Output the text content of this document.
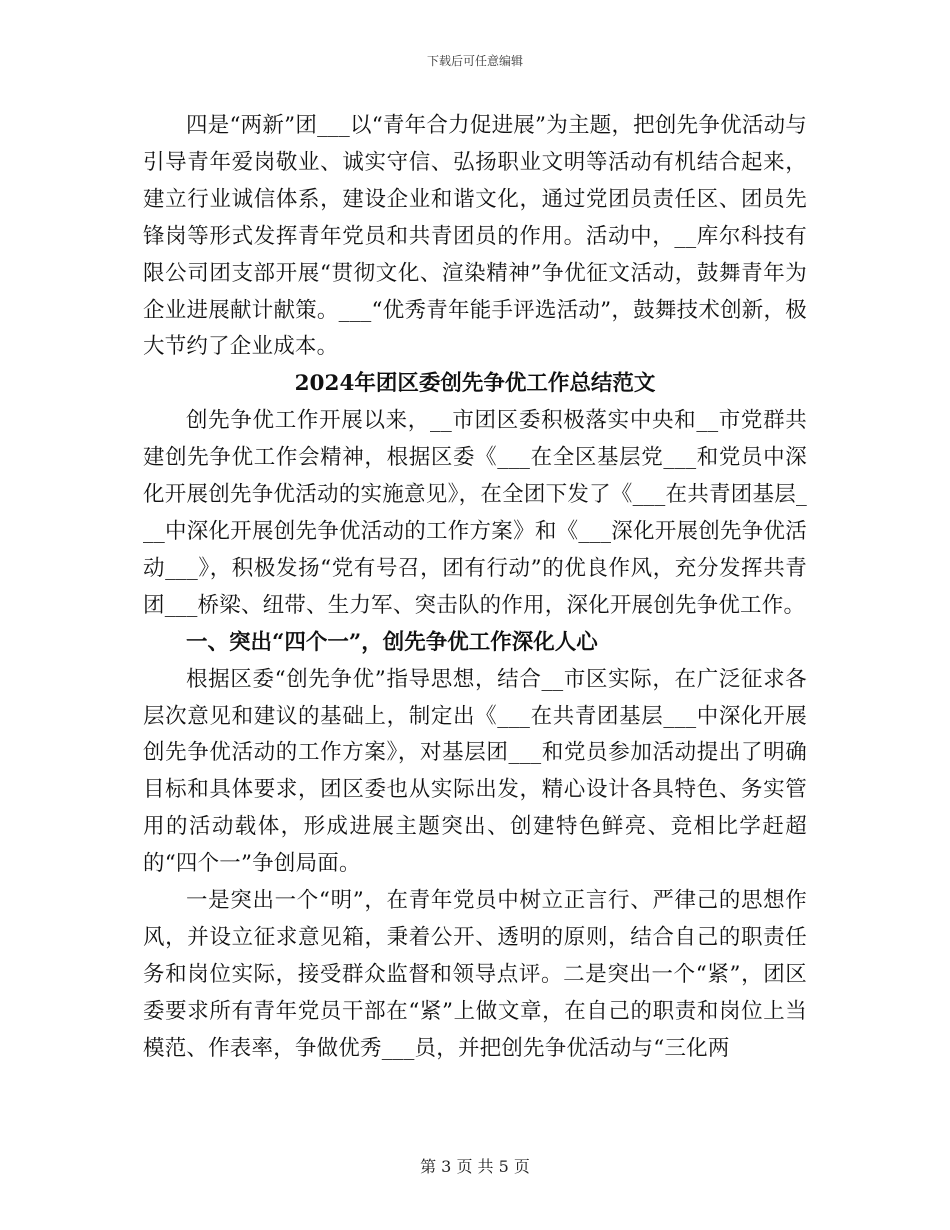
下载后可任意编辑

四是“两新”团___以“青年合力促进展”为主题，把创先争优活动与引导青年爱岗敬业、诚实守信、弘扬职业文明等活动有机结合起来，建立行业诚信体系，建设企业和谐文化，通过党团员责任区、团员先锋岗等形式发挥青年党员和共青团员的作用。活动中，__库尔科技有限公司团支部开展“贯彻文化、渲染精神”争优征文活动，鼓舞青年为企业进展献计献策。___“优秀青年能手评选活动”，鼓舞技术创新，极大节约了企业成本。

2024年团区委创先争优工作总结范文

创先争优工作开展以来，__市团区委积极落实中央和__市党群共建创先争优工作会精神，根据区委《___在全区基层党___和党员中深化开展创先争优活动的实施意见》，在全团下发了《___在共青团基层___中深化开展创先争优活动的工作方案》和《___深化开展创先争优活动___》，积极发扬“党有号召，团有行动”的优良作风，充分发挥共青团___桥梁、纽带、生力军、突击队的作用，深化开展创先争优工作。

一、突出“四个一”，创先争优工作深化人心

根据区委“创先争优”指导思想，结合__市区实际，在广泛征求各层次意见和建议的基础上，制定出《___在共青团基层___中深化开展创先争优活动的工作方案》，对基层团___和党员参加活动提出了明确目标和具体要求，团区委也从实际出发，精心设计各具特色、务实管用的活动载体，形成进展主题突出、创建特色鲜亮、竞相比学赶超的“四个一”争创局面。

一是突出一个“明”，在青年党员中树立正言行、严律己的思想作风，并设立征求意见箱，秉着公开、透明的原则，结合自己的职责任务和岗位实际，接受群众监督和领导点评。二是突出一个“紧”，团区委要求所有青年党员干部在“紧”上做文章，在自己的职责和岗位上当模范、作表率，争做优秀___员，并把创先争优活动与“三化两

第 3 页 共 5 页
